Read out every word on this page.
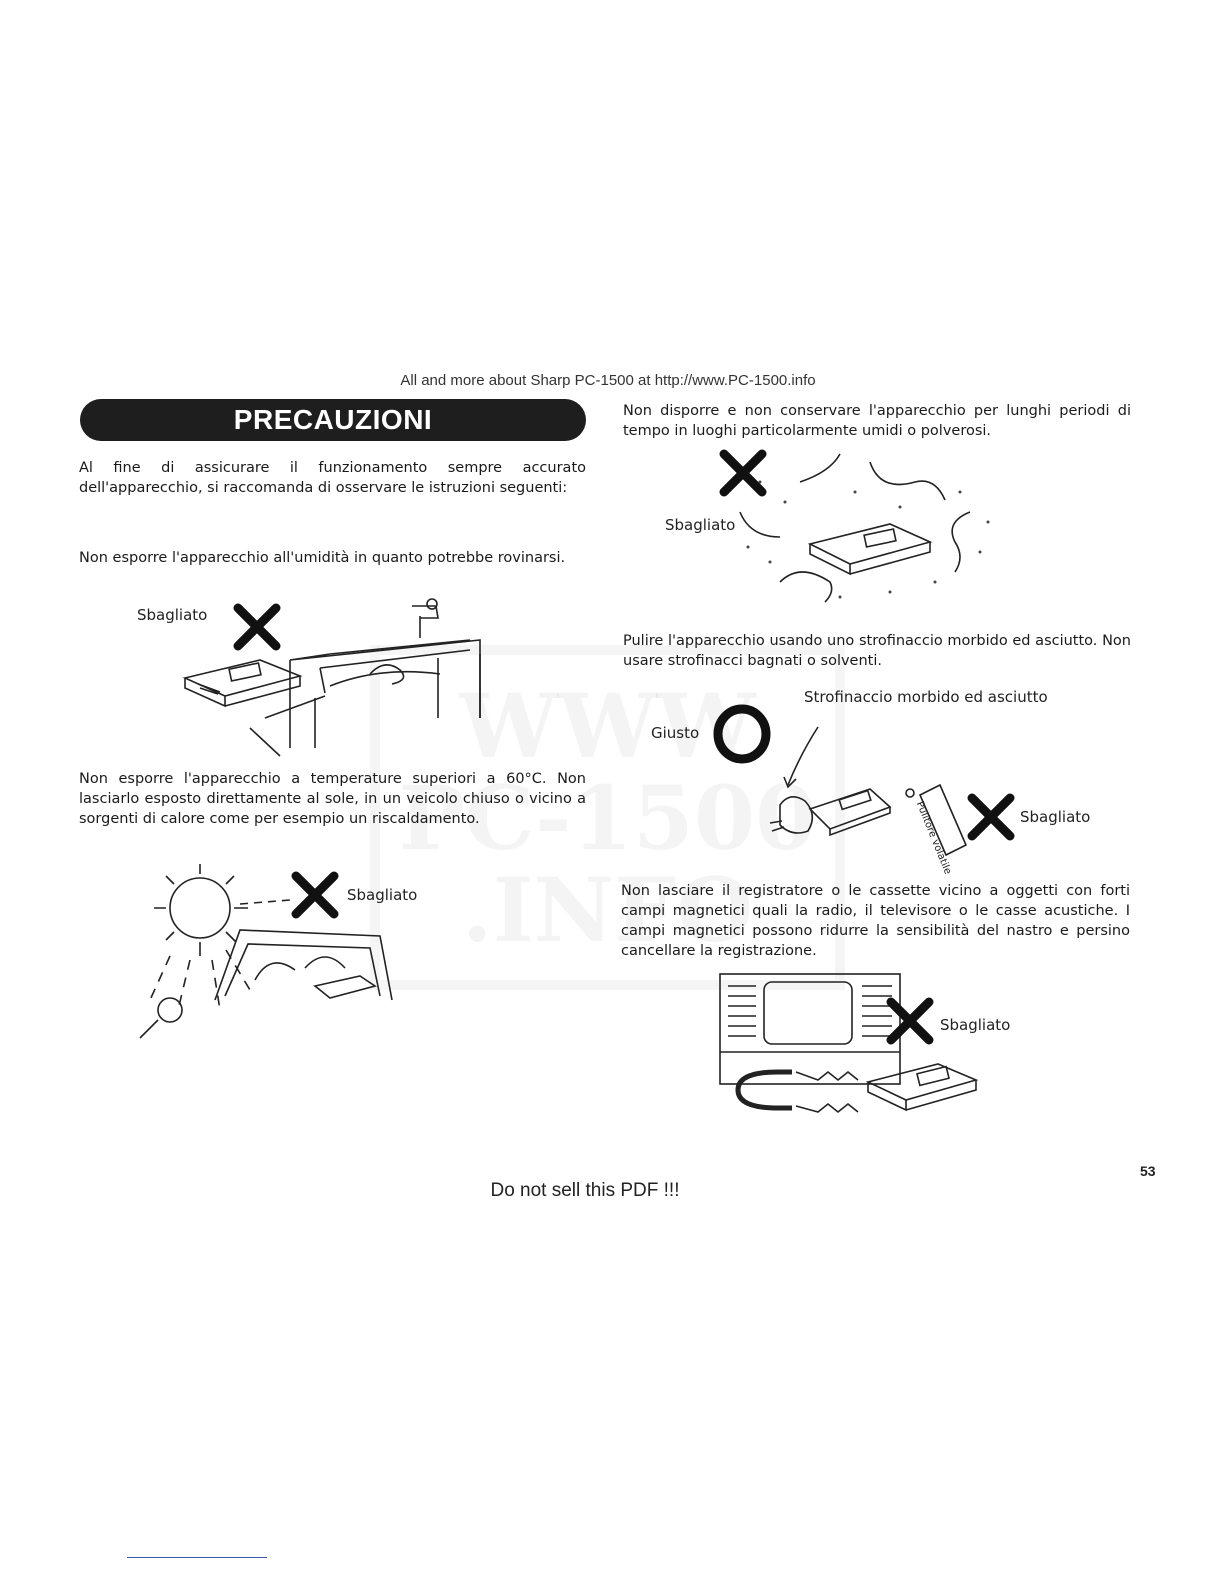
All and more about Sharp PC-1500 at http://www.PC-1500.info
PRECAUZIONI
Al fine di assicurare il funzionamento sempre accurato dell'apparecchio, si raccomanda di osservare le istruzioni seguenti:
Non esporre l'apparecchio all'umidità in quanto potrebbe rovinarsi.
Sbagliato
Non esporre l'apparecchio a temperature superiori a 60°C. Non lasciarlo esposto direttamente al sole, in un veicolo chiuso o vicino a sorgenti di calore come per esempio un riscaldamento.
Sbagliato
Non disporre e non conservare l'apparecchio per lunghi periodi di tempo in luoghi particolarmente umidi o polverosi.
Sbagliato
Pulire l'apparecchio usando uno strofinaccio morbido ed asciutto. Non usare strofinacci bagnati o solventi.
Strofinaccio morbido ed asciutto
Giusto
Pulitore volatile	Sbagliato
Non lasciare il registratore o le cassette vicino a oggetti con forti campi magnetici quali la radio, il televisore o le casse acustiche. I campi magnetici possono ridurre la sensibilità del nastro e persino cancellare la registrazione.
Sbagliato
53
Do not sell this PDF !!!
